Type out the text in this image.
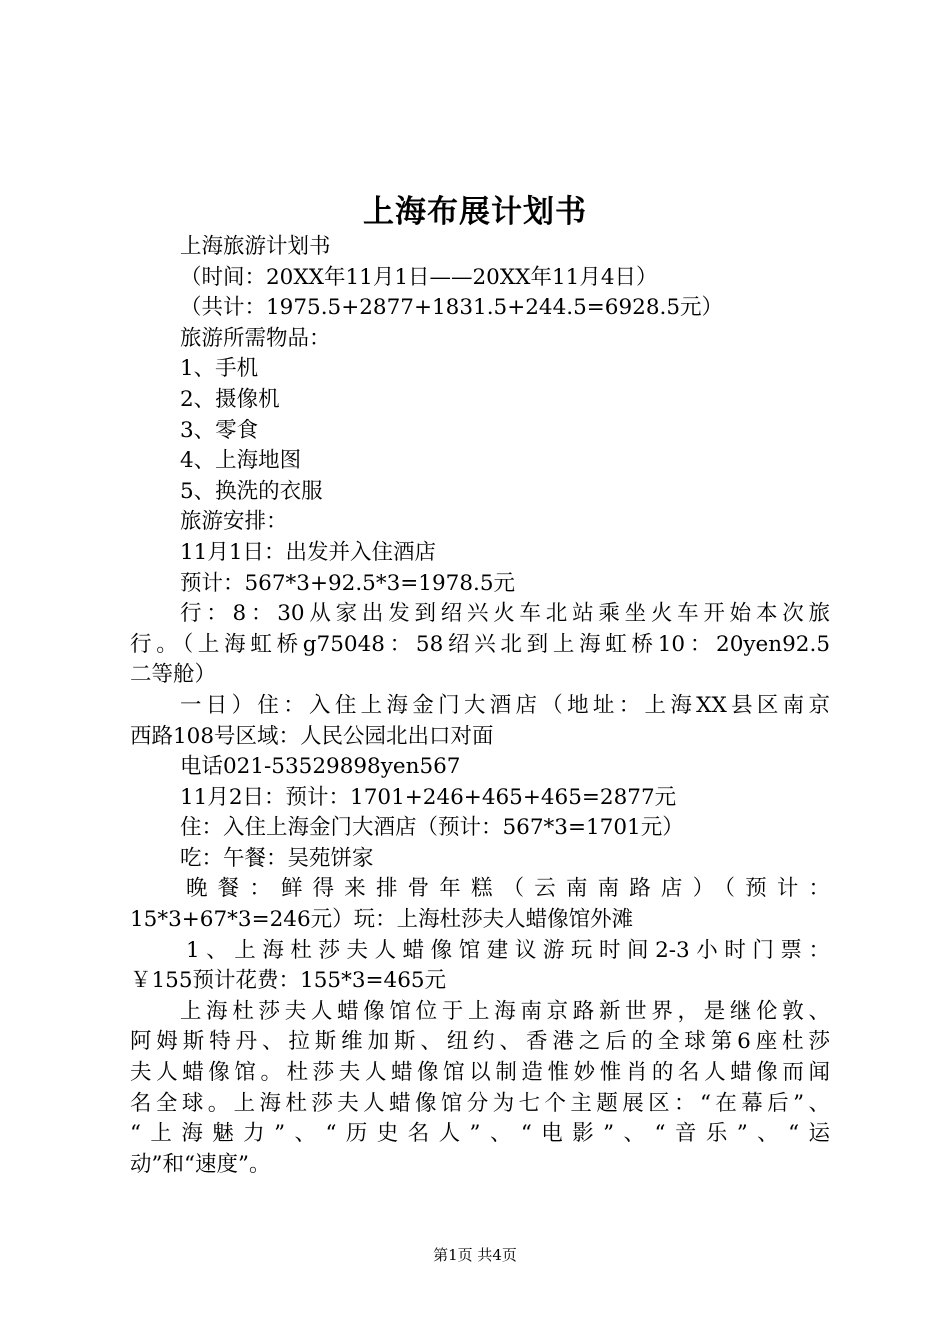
上海布展计划书

上海旅游计划书

（时间：20XX年11月1日——20XX年11月4日）

（共计：1975.5+2877+1831.5+244.5=6928.5元）

旅游所需物品：

1、手机

2、摄像机

3、零食

4、上海地图

5、换洗的衣服

旅游安排：

11月1日：出发并入住酒店

预计：567*3+92.5*3=1978.5元

行：8：30从家出发到绍兴火车北站乘坐火车开始本次旅

行。（上海虹桥g75048：58绍兴北到上海虹桥10：20yen92.5

二等舱）

一日）住：入住上海金门大酒店（地址：上海XX县区南京

西路108号区域：人民公园北出口对面

电话021-53529898yen567

11月2日：预计：1701+246+465+465=2877元

住：入住上海金门大酒店（预计：567*3=1701元）

吃：午餐：吴苑饼家

晚餐：鲜得来排骨年糕（云南南路店）（预计：

15*3+67*3=246元）玩：上海杜莎夫人蜡像馆外滩

1、上海杜莎夫人蜡像馆建议游玩时间2-3小时门票：

￥155预计花费：155*3=465元

上海杜莎夫人蜡像馆位于上海南京路新世界，是继伦敦、

阿姆斯特丹、拉斯维加斯、纽约、香港之后的全球第6座杜莎

夫人蜡像馆。杜莎夫人蜡像馆以制造惟妙惟肖的名人蜡像而闻

名全球。上海杜莎夫人蜡像馆分为七个主题展区：“在幕后”、

“上海魅力”、“历史名人”、“电影”、“音乐”、“运

动”和“速度”。

第1页 共4页
